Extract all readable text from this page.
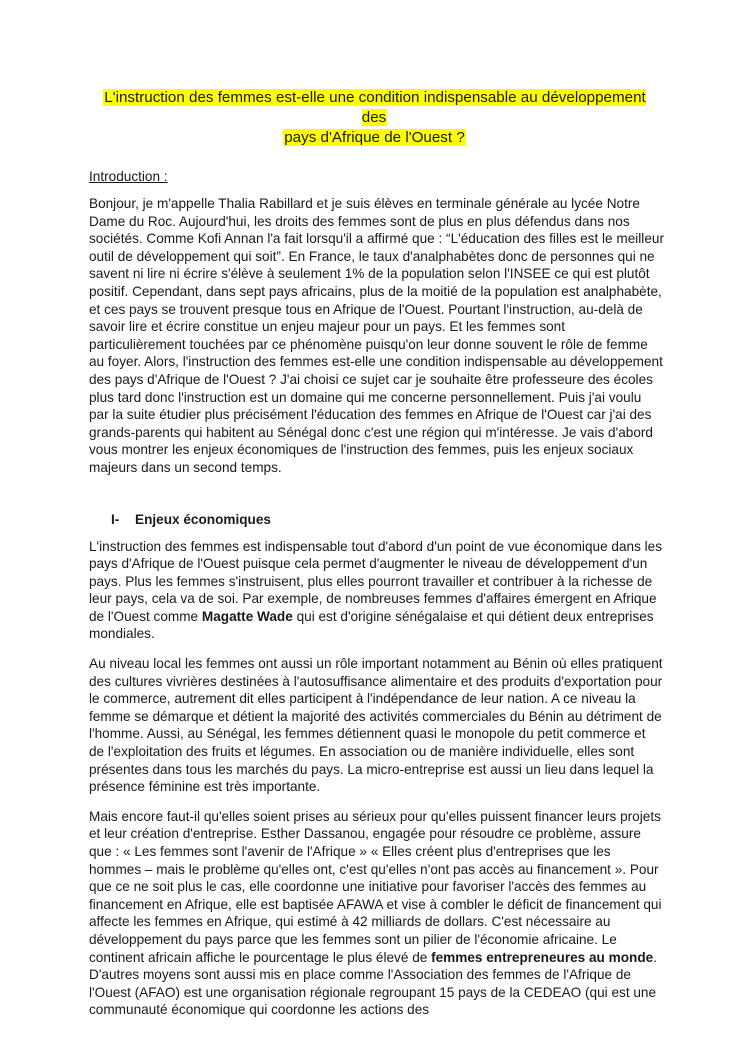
L'instruction des femmes est-elle une condition indispensable au développement des
pays d'Afrique de l'Ouest ?
Introduction :

Bonjour, je m'appelle Thalia Rabillard et je suis élèves en terminale générale au lycée Notre Dame du Roc. Aujourd'hui, les droits des femmes sont de plus en plus défendus dans nos sociétés. Comme Kofi Annan l'a fait lorsqu'il a affirmé que : “L'éducation des filles est le meilleur outil de développement qui soit”. En France, le taux d'analphabètes donc de personnes qui ne savent ni lire ni écrire s'élève à seulement 1% de la population selon l'INSEE ce qui est plutôt positif. Cependant, dans sept pays africains, plus de la moitié de la population est analphabète, et ces pays se trouvent presque tous en Afrique de l'Ouest. Pourtant l'instruction, au-delà de savoir lire et écrire constitue un enjeu majeur pour un pays. Et les femmes sont particulièrement touchées par ce phénomène puisqu'on leur donne souvent le rôle de femme au foyer. Alors, l'instruction des femmes est-elle une condition indispensable au développement des pays d'Afrique de l'Ouest ? J'ai choisi ce sujet car je souhaite être professeure des écoles plus tard donc l'instruction est un domaine qui me concerne personnellement. Puis j'ai voulu par la suite étudier plus précisément l'éducation des femmes en Afrique de l'Ouest car j'ai des grands-parents qui habitent au Sénégal donc c'est une région qui m'intéresse. Je vais d'abord vous montrer les enjeux économiques de l'instruction des femmes, puis les enjeux sociaux majeurs dans un second temps.

I- Enjeux économiques

L'instruction des femmes est indispensable tout d'abord d'un point de vue économique dans les pays d'Afrique de l'Ouest puisque cela permet d'augmenter le niveau de développement d'un pays. Plus les femmes s'instruisent, plus elles pourront travailler et contribuer à la richesse de leur pays, cela va de soi. Par exemple, de nombreuses femmes d'affaires émergent en Afrique de l'Ouest comme Magatte Wade qui est d'origine sénégalaise et qui détient deux entreprises mondiales.

Au niveau local les femmes ont aussi un rôle important notamment au Bénin où elles pratiquent des cultures vivrières destinées à l'autosuffisance alimentaire et des produits d'exportation pour le commerce, autrement dit elles participent à l'indépendance de leur nation. A ce niveau la femme se démarque et détient la majorité des activités commerciales du Bénin au détriment de l'homme. Aussi, au Sénégal, les femmes détiennent quasi le monopole du petit commerce et de l'exploitation des fruits et légumes. En association ou de manière individuelle, elles sont présentes dans tous les marchés du pays. La micro-entreprise est aussi un lieu dans lequel la présence féminine est très importante.

Mais encore faut-il qu'elles soient prises au sérieux pour qu'elles puissent financer leurs projets et leur création d'entreprise. Esther Dassanou, engagée pour résoudre ce problème, assure que : « Les femmes sont l'avenir de l'Afrique » « Elles créent plus d'entreprises que les hommes – mais le problème qu'elles ont, c'est qu'elles n'ont pas accès au financement ». Pour que ce ne soit plus le cas, elle coordonne une initiative pour favoriser l'accès des femmes au financement en Afrique, elle est baptisée AFAWA et vise à combler le déficit de financement qui affecte les femmes en Afrique, qui estimé à 42 milliards de dollars. C'est nécessaire au développement du pays parce que les femmes sont un pilier de l'économie africaine. Le continent africain affiche le pourcentage le plus élevé de femmes entrepreneures au monde. D'autres moyens sont aussi mis en place comme l'Association des femmes de l'Afrique de l'Ouest (AFAO) est une organisation régionale regroupant 15 pays de la CEDEAO (qui est une communauté économique qui coordonne les actions des
